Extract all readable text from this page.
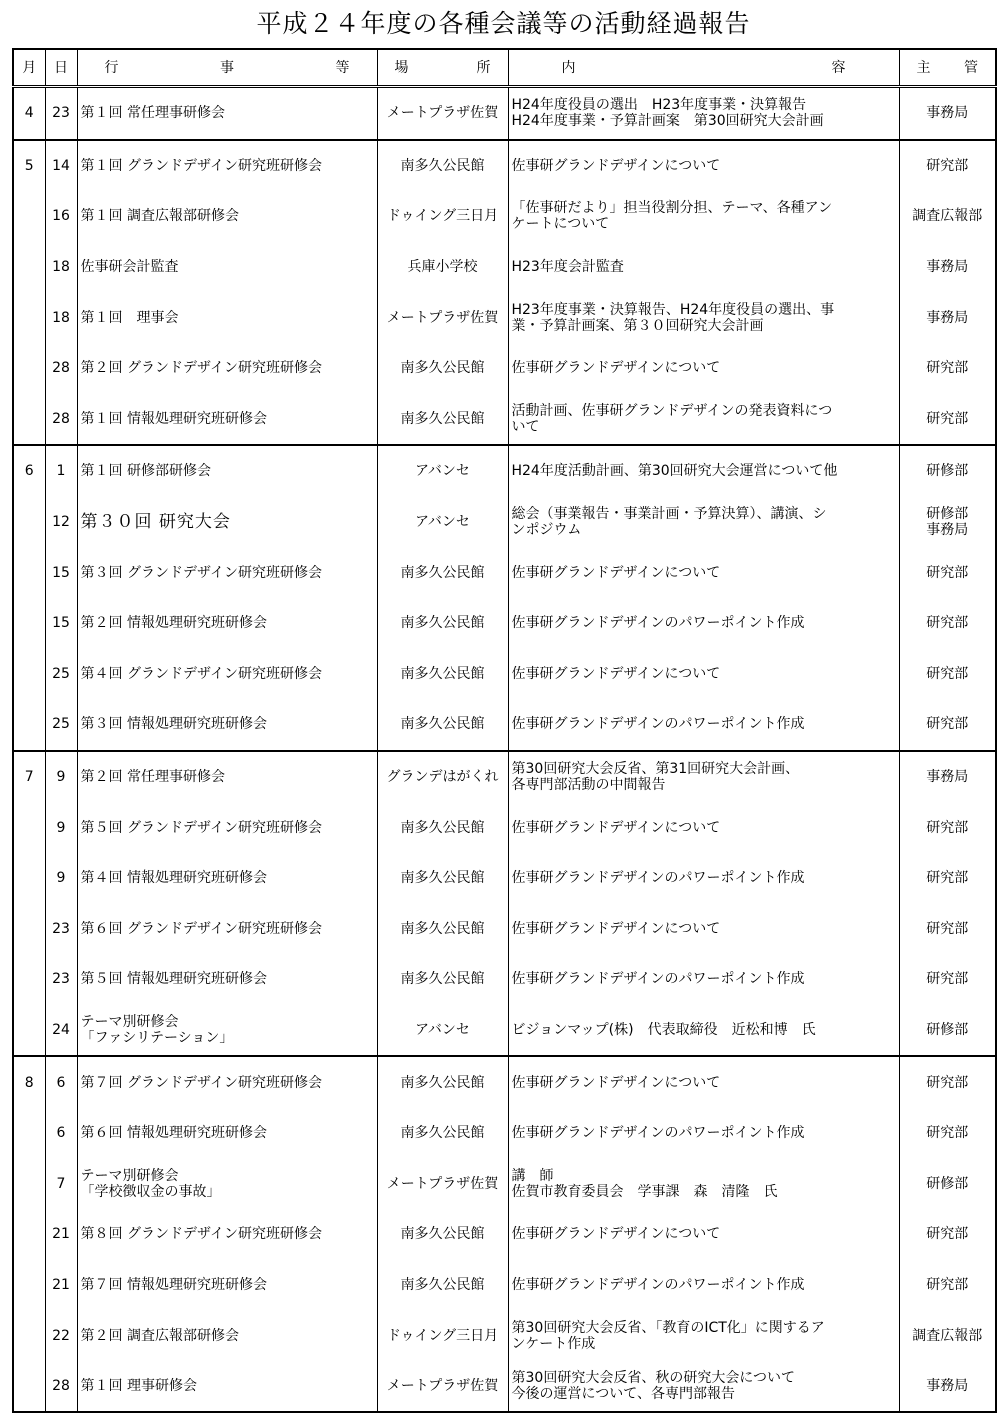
平成２４年度の各種会議等の活動経過報告
月	日	行 事 等	場 所	内 容	主 管

4	23	第１回 常任理事研修会	メートプラザ佐賀	H24年度役員の選出　H23年度事業・決算報告
H24年度事業・予算計画案　第30回研究大会計画	事務局

5	14	第１回 グランドデザイン研究班研修会	南多久公民館	佐事研グランドデザインについて	研究部

	16	第１回 調査広報部研修会	ドゥイング三日月	「佐事研だより」担当役割分担、テーマ、各種アン
ケートについて	調査広報部

	18	佐事研会計監査	兵庫小学校	H23年度会計監査	事務局

	18	第１回　理事会	メートプラザ佐賀	H23年度事業・決算報告、H24年度役員の選出、事
業・予算計画案、第３０回研究大会計画	事務局

	28	第２回 グランドデザイン研究班研修会	南多久公民館	佐事研グランドデザインについて	研究部

	28	第１回 情報処理研究班研修会	南多久公民館	活動計画、佐事研グランドデザインの発表資料につ
いて	研究部

6	1	第１回 研修部研修会	アバンセ	H24年度活動計画、第30回研究大会運営について他	研修部

	12	第３０回 研究大会	アバンセ	総会（事業報告・事業計画・予算決算）、講演、シ
ンポジウム	研修部
事務局

	15	第３回 グランドデザイン研究班研修会	南多久公民館	佐事研グランドデザインについて	研究部

	15	第２回 情報処理研究班研修会	南多久公民館	佐事研グランドデザインのパワーポイント作成	研究部

	25	第４回 グランドデザイン研究班研修会	南多久公民館	佐事研グランドデザインについて	研究部

	25	第３回 情報処理研究班研修会	南多久公民館	佐事研グランドデザインのパワーポイント作成	研究部

7	9	第２回 常任理事研修会	グランデはがくれ	第30回研究大会反省、第31回研究大会計画、
各専門部活動の中間報告	事務局

	9	第５回 グランドデザイン研究班研修会	南多久公民館	佐事研グランドデザインについて	研究部

	9	第４回 情報処理研究班研修会	南多久公民館	佐事研グランドデザインのパワーポイント作成	研究部

	23	第６回 グランドデザイン研究班研修会	南多久公民館	佐事研グランドデザインについて	研究部

	23	第５回 情報処理研究班研修会	南多久公民館	佐事研グランドデザインのパワーポイント作成	研究部

	24	テーマ別研修会
「ファシリテーション」	アバンセ	ビジョンマップ(株)　代表取締役　近松和博　氏	研修部

8	6	第７回 グランドデザイン研究班研修会	南多久公民館	佐事研グランドデザインについて	研究部

	6	第６回 情報処理研究班研修会	南多久公民館	佐事研グランドデザインのパワーポイント作成	研究部

	7	テーマ別研修会
「学校徴収金の事故」	メートプラザ佐賀	講　師
佐賀市教育委員会　学事課　森　清隆　氏	研修部

	21	第８回 グランドデザイン研究班研修会	南多久公民館	佐事研グランドデザインについて	研究部

	21	第７回 情報処理研究班研修会	南多久公民館	佐事研グランドデザインのパワーポイント作成	研究部

	22	第２回 調査広報部研修会	ドゥイング三日月	第30回研究大会反省、「教育のICT化」に関するア
ンケート作成	調査広報部

	28	第１回 理事研修会	メートプラザ佐賀	第30回研究大会反省、秋の研究大会について
今後の運営について、各専門部報告	事務局
